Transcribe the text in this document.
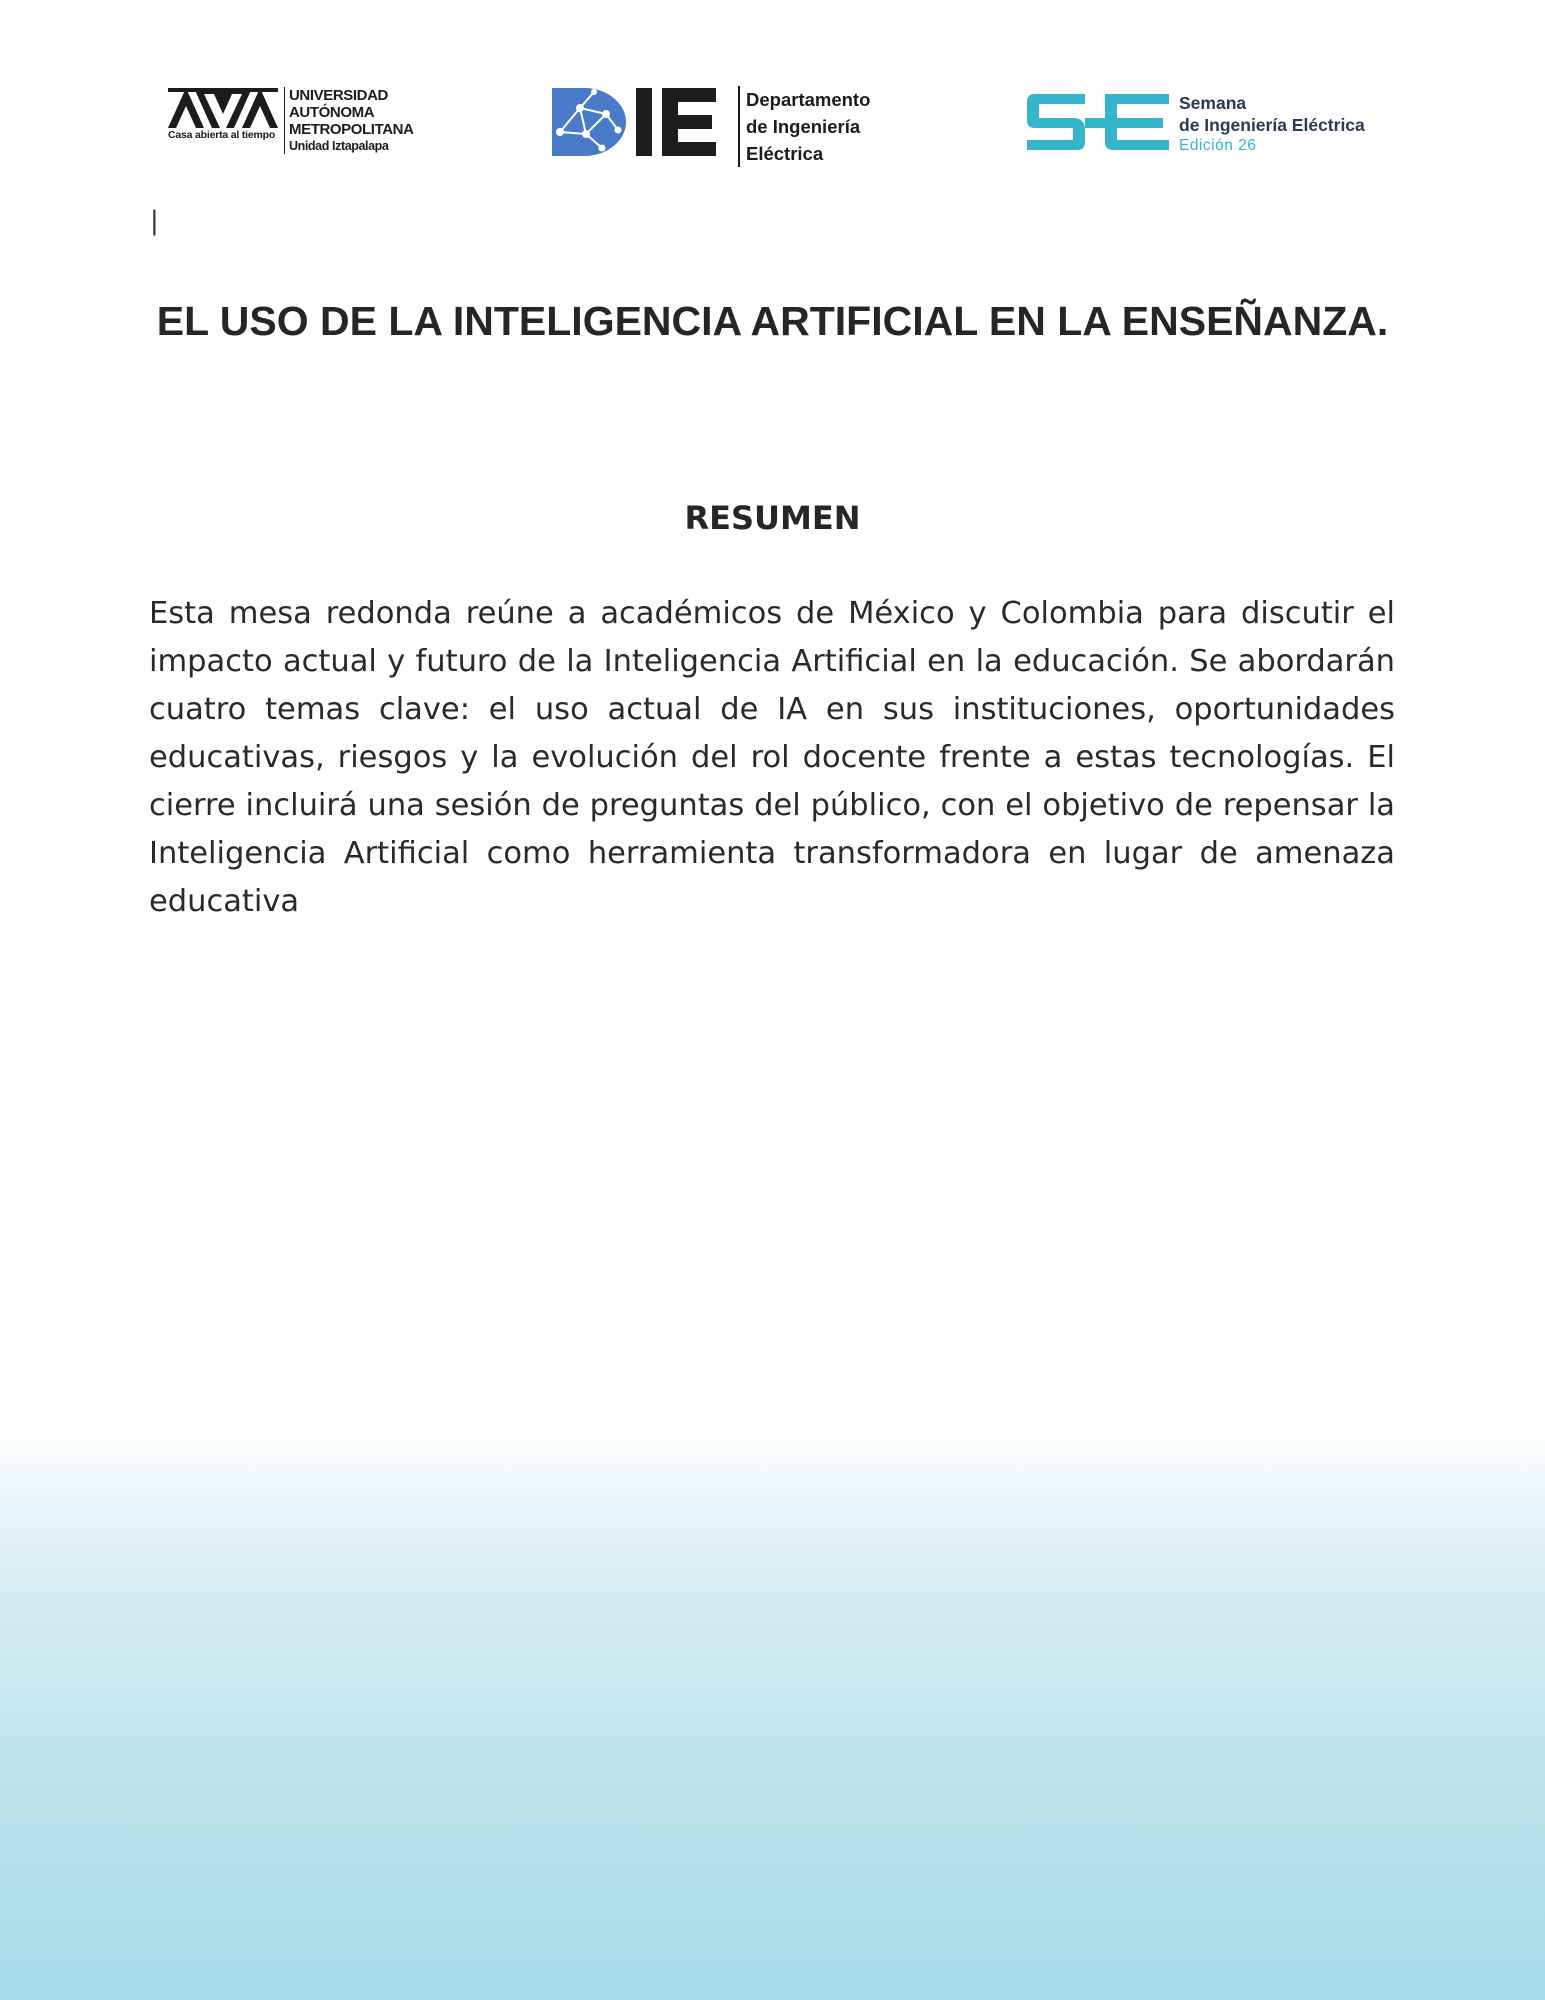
Casa abierta al tiempo
UNIVERSIDAD
AUTÓNOMA
METROPOLITANA
Unidad Iztapalapa
Departamento
de Ingeniería
Eléctrica
Semana
de Ingeniería Eléctrica
Edición 26
|
EL USO DE LA INTELIGENCIA ARTIFICIAL EN LA ENSEÑANZA.
RESUMEN

Esta mesa redonda reúne a académicos de México y Colombia para discutir el impacto actual y futuro de la Inteligencia Artificial en la educación. Se abordarán cuatro temas clave: el uso actual de IA en sus instituciones, oportunidades educativas, riesgos y la evolución del rol docente frente a estas tecnologías. El cierre incluirá una sesión de preguntas del público, con el objetivo de repensar la Inteligencia Artificial como herramienta transformadora en lugar de amenaza educativa
